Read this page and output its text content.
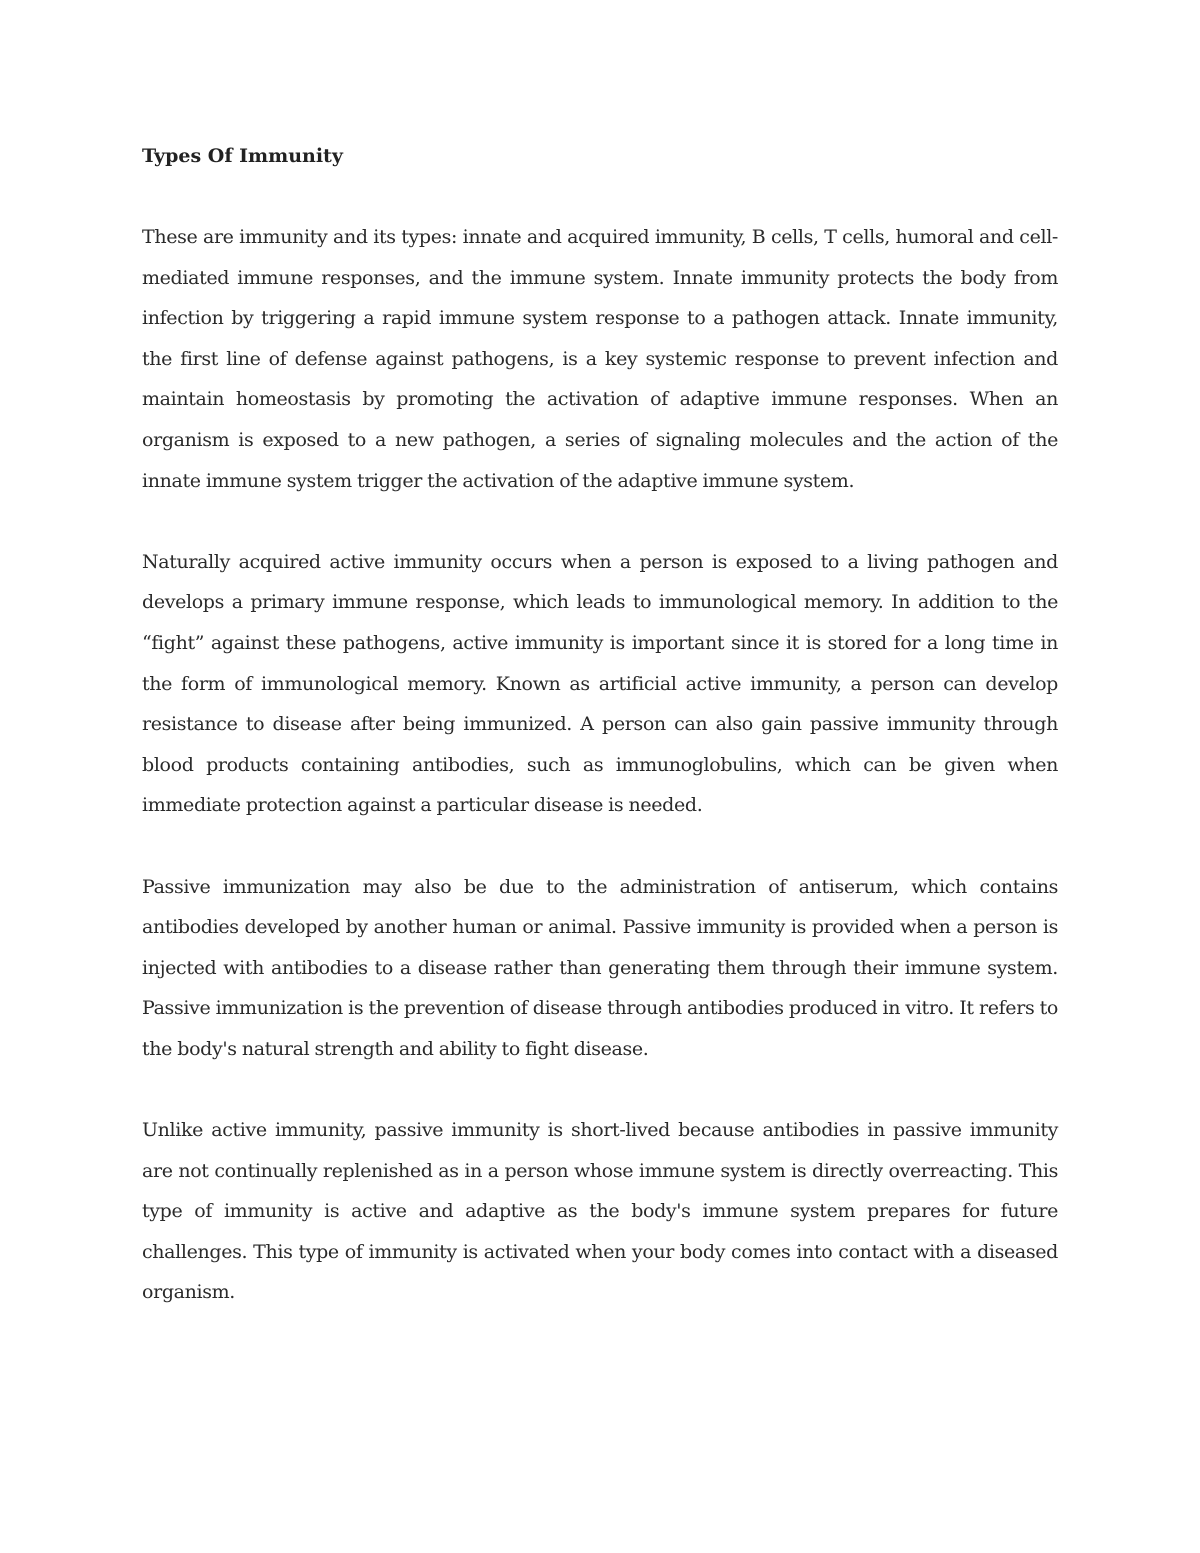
Types Of Immunity

These are immunity and its types: innate and acquired immunity, B cells, T cells, humoral and cell-mediated immune responses, and the immune system. Innate immunity protects the body from infection by triggering a rapid immune system response to a pathogen attack. Innate immunity, the first line of defense against pathogens, is a key systemic response to prevent infection and maintain homeostasis by promoting the activation of adaptive immune responses. When an organism is exposed to a new pathogen, a series of signaling molecules and the action of the innate immune system trigger the activation of the adaptive immune system.

Naturally acquired active immunity occurs when a person is exposed to a living pathogen and develops a primary immune response, which leads to immunological memory. In addition to the “fight” against these pathogens, active immunity is important since it is stored for a long time in the form of immunological memory. Known as artificial active immunity, a person can develop resistance to disease after being immunized. A person can also gain passive immunity through blood products containing antibodies, such as immunoglobulins, which can be given when immediate protection against a particular disease is needed.

Passive immunization may also be due to the administration of antiserum, which contains antibodies developed by another human or animal. Passive immunity is provided when a person is injected with antibodies to a disease rather than generating them through their immune system. Passive immunization is the prevention of disease through antibodies produced in vitro. It refers to the body's natural strength and ability to fight disease.

Unlike active immunity, passive immunity is short-lived because antibodies in passive immunity are not continually replenished as in a person whose immune system is directly overreacting. This type of immunity is active and adaptive as the body's immune system prepares for future challenges. This type of immunity is activated when your body comes into contact with a diseased organism.
